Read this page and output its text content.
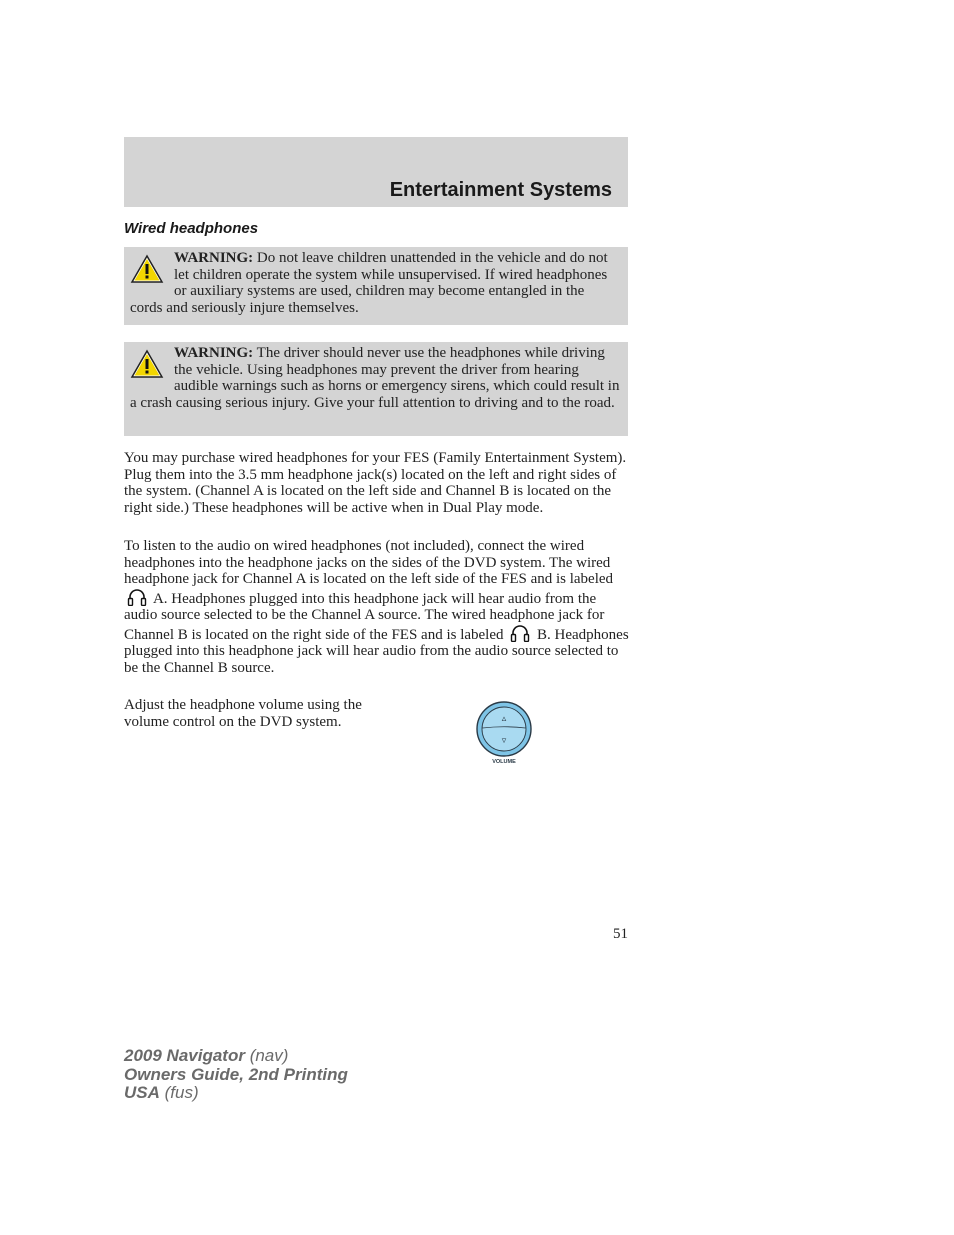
Entertainment Systems
Wired headphones
WARNING: Do not leave children unattended in the vehicle and do not let children operate the system while unsupervised. If wired headphones or auxiliary systems are used, children may become entangled in the cords and seriously injure themselves.
WARNING: The driver should never use the headphones while driving the vehicle. Using headphones may prevent the driver from hearing audible warnings such as horns or emergency sirens, which could result in a crash causing serious injury. Give your full attention to driving and to the road.

You may purchase wired headphones for your FES (Family Entertainment System). Plug them into the 3.5 mm headphone jack(s) located on the left and right sides of the system. (Channel A is located on the left side and Channel B is located on the right side.) These headphones will be active when in Dual Play mode.

To listen to the audio on wired headphones (not included), connect the wired headphones into the headphone jacks on the sides of the DVD system. The wired headphone jack for Channel A is located on the left side of the FES and is labeled  A. Headphones plugged into this headphone jack will hear audio from the audio source selected to be the Channel A source. The wired headphone jack for Channel B is located on the right side of the FES and is labeled B. Headphones plugged into this headphone jack will hear audio from the audio source selected to be the Channel B source.

Adjust the headphone volume using the volume control on the DVD system.	▵
▿
VOLUME
51
2009 Navigator (nav)
Owners Guide, 2nd Printing
USA (fus)
